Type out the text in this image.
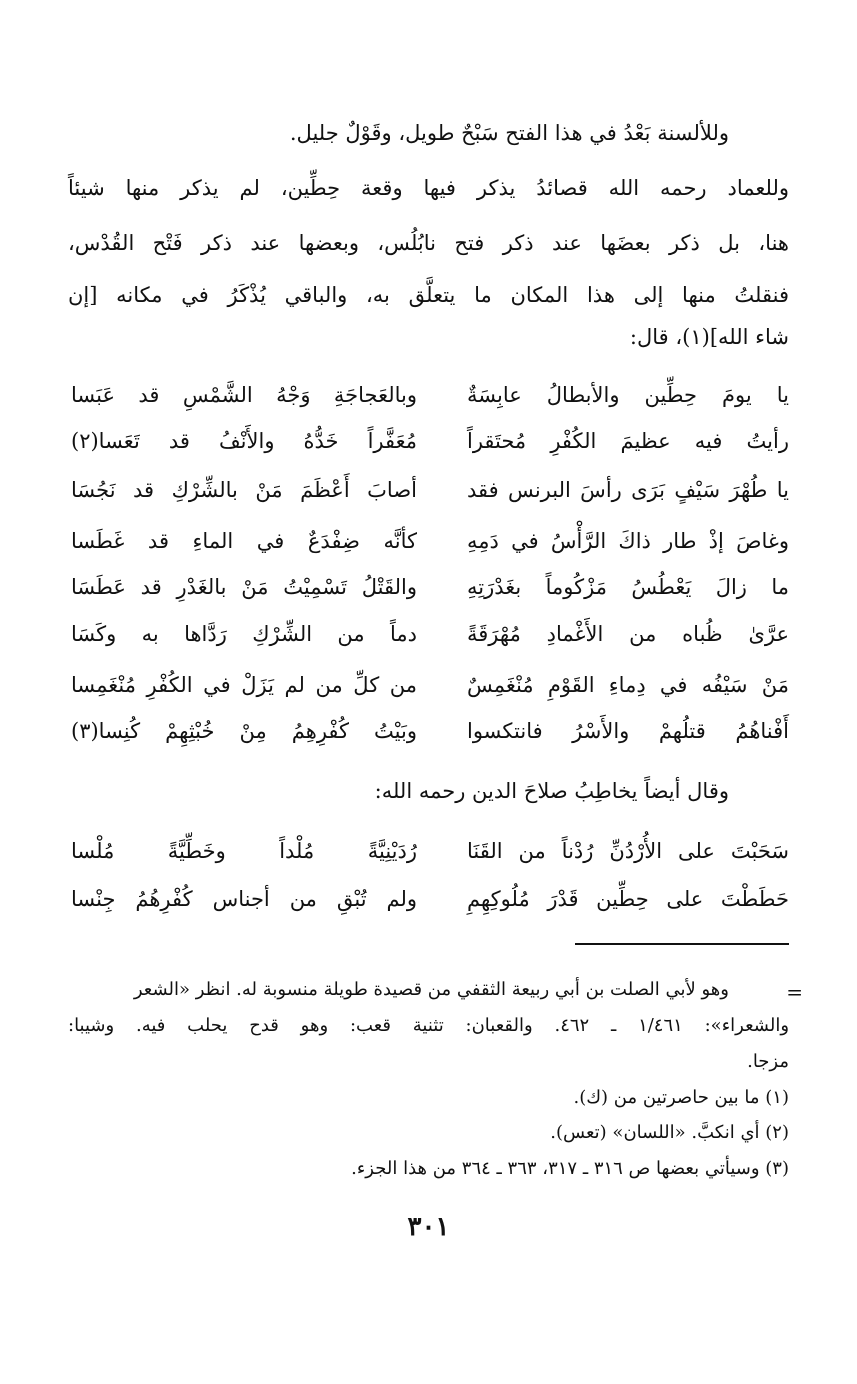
وللألسنة بَعْدُ في هذا الفتح سَبْحٌ طويل، وقَوْلٌ جليل.
وللعماد رحمه الله قصائدُ يذكر فيها وقعة حِطِّين، لم يذكر منها شيئاً
هنا، بل ذكر بعضَها عند ذكر فتح نابُلُس، وبعضها عند ذكر فَتْح القُدْس،
فنقلتُ منها إلى هذا المكان ما يتعلَّق به، والباقي يُذْكَرُ في مكانه [إن
شاء الله](١)، قال:
يا يومَ حِطِّين والأبطالُ عابِسَةٌ
وبالعَجاجَةِ وَجْهُ الشَّمْسِ قد عَبَسا
رأيتُ فيه عظيمَ الكُفْرِ مُحتَقراً
مُعَفَّراً خَدُّهُ والأَنْفُ قد تَعَسا(٢)
يا طُهْرَ سَيْفٍ بَرَى رأسَ البرنس فقد
أصابَ أَعْظَمَ مَنْ بالشِّرْكِ قد نَجُسَا
وغاصَ إذْ طار ذاكَ الرَّأْسُ في دَمِهِ
كأنَّه ضِفْدَعٌ في الماءِ قد غَطَسا
ما زالَ يَعْطُسُ مَزْكُوماً بغَدْرَتِهِ
والقَتْلُ تَسْمِيْتُ مَنْ بالغَدْرِ قد عَطَسَا
عرَّىٰ ظُباه من الأَغْمادِ مُهْرَقَةً
دماً من الشِّرْكِ رَدَّاها به وكَسَا
مَنْ سَيْفُه في دِماءِ القَوْمِ مُنْغَمِسٌ
من كلِّ من لم يَزَلْ في الكُفْرِ مُنْغَمِسا
أَفْناهُمُ قتلُهمْ والأَسْرُ فانتكسوا
وبَيْتُ كُفْرِهِمُ مِنْ خُبْثِهِمْ كُنِسا(٣)
وقال أيضاً يخاطِبُ صلاحَ الدين رحمه الله:
سَحَبْتَ على الأُرْدُنِّ رُدْناً من القَنَا
رُدَيْنِيَّةً مُلْداً وخَطِّيَّةً مُلْسا
حَطَطْتَ على حِطِّين قَدْرَ مُلُوكِهِمِ
ولم تُبْقِ من أجناس كُفْرِهُمُ جِنْسا
=
وهو لأبي الصلت بن أبي ربيعة الثقفي من قصيدة طويلة منسوبة له. انظر «الشعر
والشعراء»: ١/٤٦١ ـ ٤٦٢. والقعبان: تثنية قعب: وهو قدح يحلب فيه. وشيبا:
مزجا.
(١) ما بين حاصرتين من (ك).
(٢) أي انكبَّ. «اللسان» (تعس).
(٣) وسيأتي بعضها ص ٣١٦ ـ ٣١٧، ٣٦٣ ـ ٣٦٤ من هذا الجزء.
٣٠١
